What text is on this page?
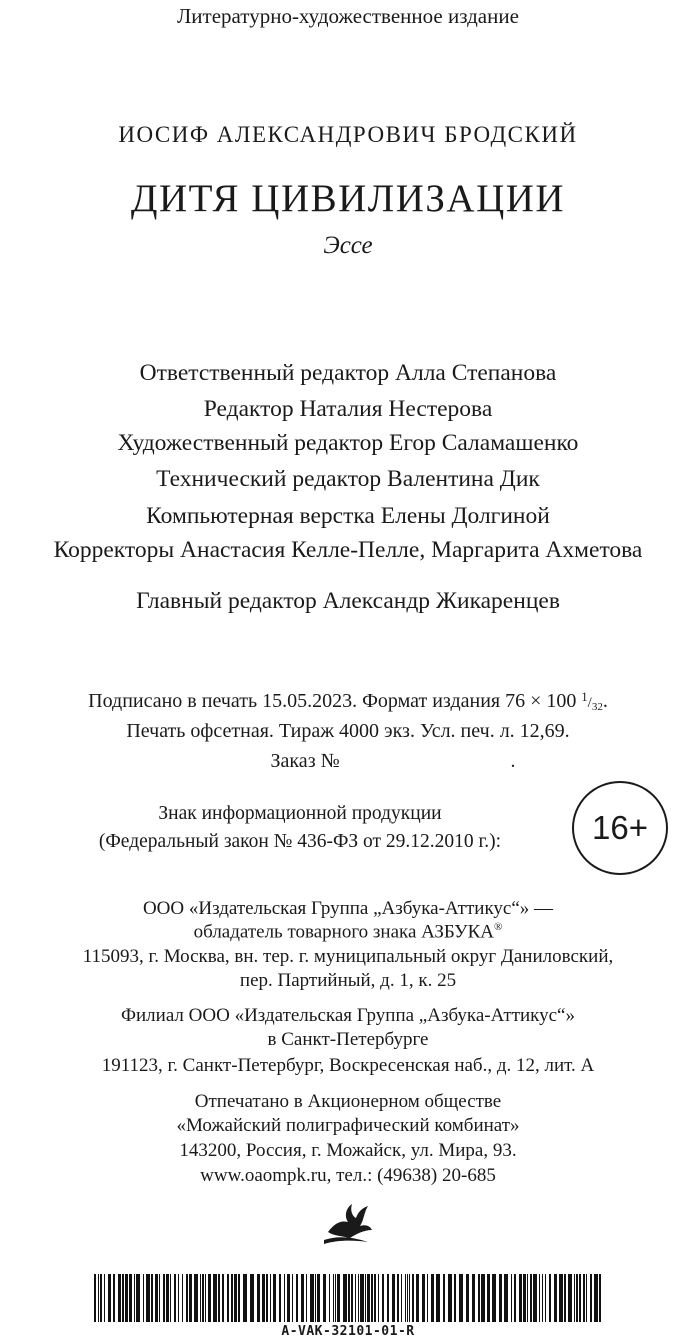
Литературно-художественное издание
ИОСИФ АЛЕКСАНДРОВИЧ БРОДСКИЙ
ДИТЯ ЦИВИЛИЗАЦИИ
Эссе
Ответственный редактор Алла Степанова
Редактор Наталия Нестерова
Художественный редактор Егор Саламашенко
Технический редактор Валентина Дик
Компьютерная верстка Елены Долгиной
Корректоры Анастасия Келле-Пелле, Маргарита Ахметова
Главный редактор Александр Жикаренцев
Подписано в печать 15.05.2023. Формат издания 76 × 100 $^1/_{32}$.
Печать офсетная. Тираж 4000 экз. Усл. печ. л. 12,69.
Заказ №	.
Знак информационной продукции
(Федеральный закон № 436-ФЗ от 29.12.2010 г.):	16+
ООО «Издательская Группа „Азбука-Аттикус“» —
обладатель товарного знака АЗБУКА®
115093, г. Москва, вн. тер. г. муниципальный округ Даниловский,
пер. Партийный, д. 1, к. 25
Филиал ООО «Издательская Группа „Азбука-Аттикус“»
в Санкт-Петербурге
191123, г. Санкт-Петербург, Воскресенская наб., д. 12, лит. А
Отпечатано в Акционерном обществе
«Можайский полиграфический комбинат»
143200, Россия, г. Можайск, ул. Мира, 93.
www.oaompk.ru, тел.: (49638) 20-685
A-VAK-32101-01-R
